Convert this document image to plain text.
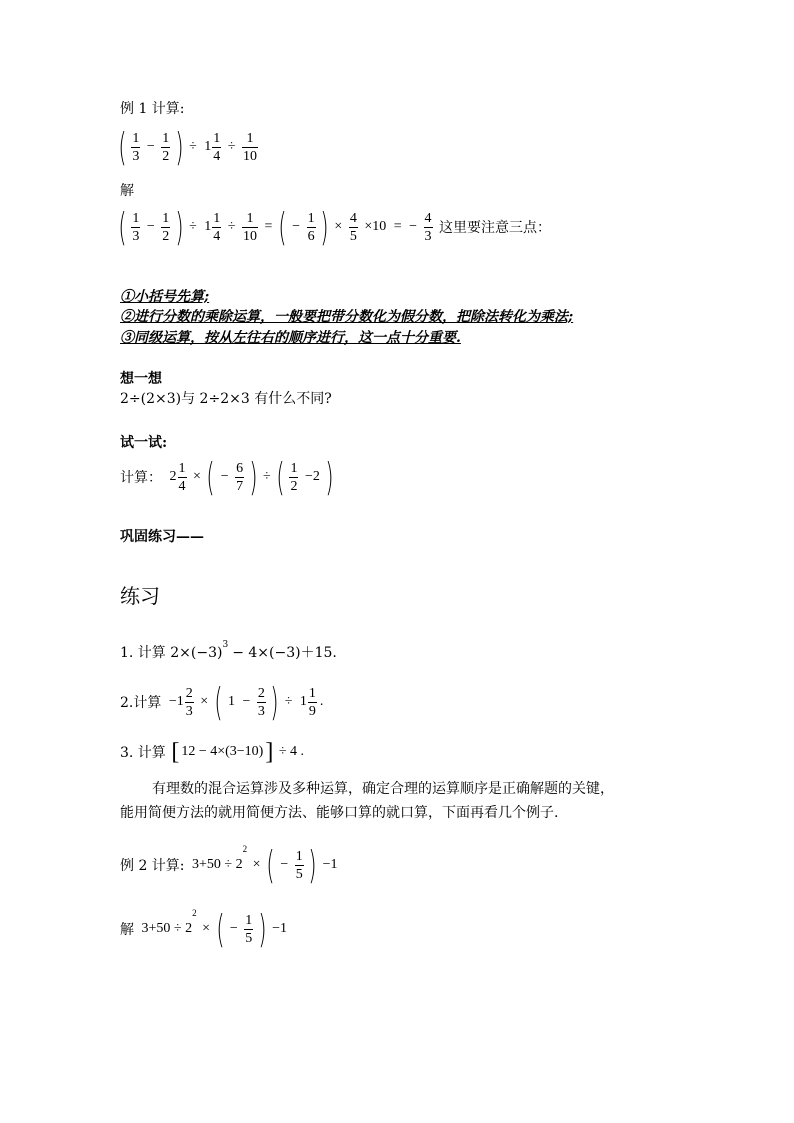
例 1 计算:
( $\frac{1}{3} - \frac{1}{2}$ ) ÷ $1 \frac{1}{4} \div \frac{1}{10}$
解
( $\frac{1}{3} - \frac{1}{2}$ ) ÷ $1 \frac{1}{4} \div \frac{1}{10}$ = ( − $\frac{1}{6}$ ) × $\frac{4}{5} \times 10$ = − $\frac{4}{3}$ 这里要注意三点：
①小括号先算;
②进行分数的乘除运算，一般要把带分数化为假分数，把除法转化为乘法;
③同级运算，按从左往右的顺序进行，这一点十分重要.
想一想
2÷(2×3)与 2÷2×3 有什么不同?
试一试:
计算： $2 \frac{1}{4}$ × ( − $\frac{6}{7}$ ) ÷ ( $\frac{1}{2} -2$ )
巩固练习——
练习
1. 计算 $2\times(-3)^3 - 4\times(-3)+15$.
2.计算 $-1 \frac{2}{3}$ × ( $1 - \frac{2}{3}$ ) ÷ $1 \frac{1}{9}$ .
3. 计算 [ 12 − 4×(3−10)] ÷ 4 .
有理数的混合运算涉及多种运算，确定合理的运算顺序是正确解题的关键，
能用简便方法的就用简便方法、能够口算的就口算，下面再看几个例子.
例 2 计算: $3+50 \div 2^2$ × ( − $\frac{1}{5}$ ) −1
解 $3+50 \div 2^2$ × ( − $\frac{1}{5}$ ) −1
